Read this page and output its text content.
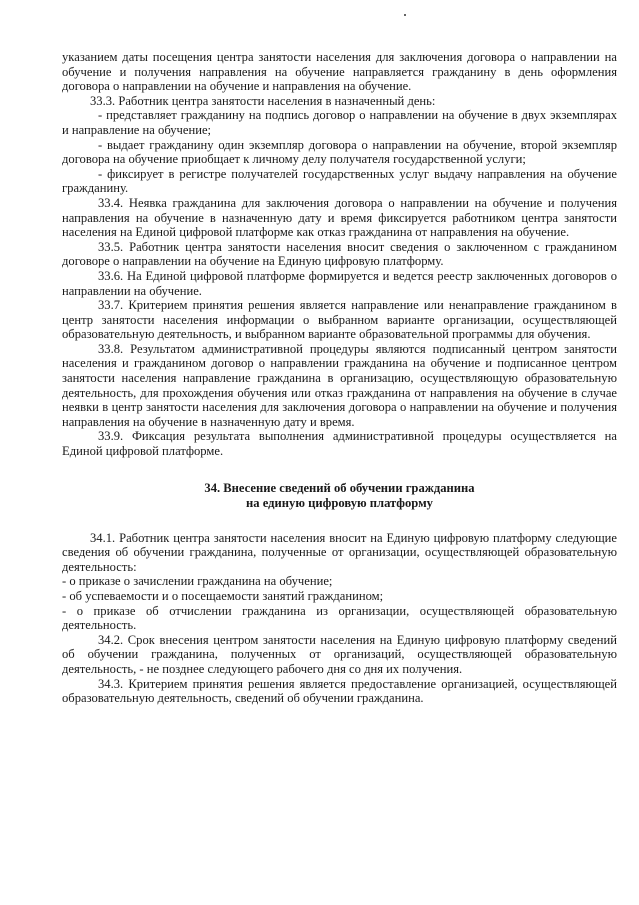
указанием даты посещения центра занятости населения для заключения договора о направлении на обучение и получения направления на обучение направляется гражданину в день оформления договора о направлении на обучение и направления на обучение.

33.3. Работник центра занятости населения в назначенный день:

- представляет гражданину на подпись договор о направлении на обучение в двух экземплярах и направление на обучение;

- выдает гражданину один экземпляр договора о направлении на обучение, второй экземпляр договора на обучение приобщает к личному делу получателя государственной услуги;

- фиксирует в регистре получателей государственных услуг выдачу направления на обучение гражданину.

33.4. Неявка гражданина для заключения договора о направлении на обучение и получения направления на обучение в назначенную дату и время фиксируется работником центра занятости населения на Единой цифровой платформе как отказ гражданина от направления на обучение.

33.5. Работник центра занятости населения вносит сведения о заключенном с гражданином договоре о направлении на обучение на Единую цифровую платформу.

33.6. На Единой цифровой платформе формируется и ведется реестр заключенных договоров о направлении на обучение.

33.7. Критерием принятия решения является направление или ненаправление гражданином в центр занятости населения информации о выбранном варианте организации, осуществляющей образовательную деятельность, и выбранном варианте образовательной программы для обучения.

33.8. Результатом административной процедуры являются подписанный центром занятости населения и гражданином договор о направлении гражданина на обучение и подписанное центром занятости населения направление гражданина в организацию, осуществляющую образовательную деятельность, для прохождения обучения или отказ гражданина от направления на обучение в случае неявки в центр занятости населения для заключения договора о направлении на обучение и получения направления на обучение в назначенную дату и время.

33.9. Фиксация результата выполнения административной процедуры осуществляется на Единой цифровой платформе.

34. Внесение сведений об обучении гражданина
на единую цифровую платформу

34.1. Работник центра занятости населения вносит на Единую цифровую платформу следующие сведения об обучении гражданина, полученные от организации, осуществляющей образовательную деятельность:

- о приказе о зачислении гражданина на обучение;

- об успеваемости и о посещаемости занятий гражданином;

- о приказе об отчислении гражданина из организации, осуществляющей образовательную деятельность.

34.2. Срок внесения центром занятости населения на Единую цифровую платформу сведений об обучении гражданина, полученных от организаций, осуществляющей образовательную деятельность, - не позднее следующего рабочего дня со дня их получения.

34.3. Критерием принятия решения является предоставление организацией, осуществляющей образовательную деятельность, сведений об обучении гражданина.
